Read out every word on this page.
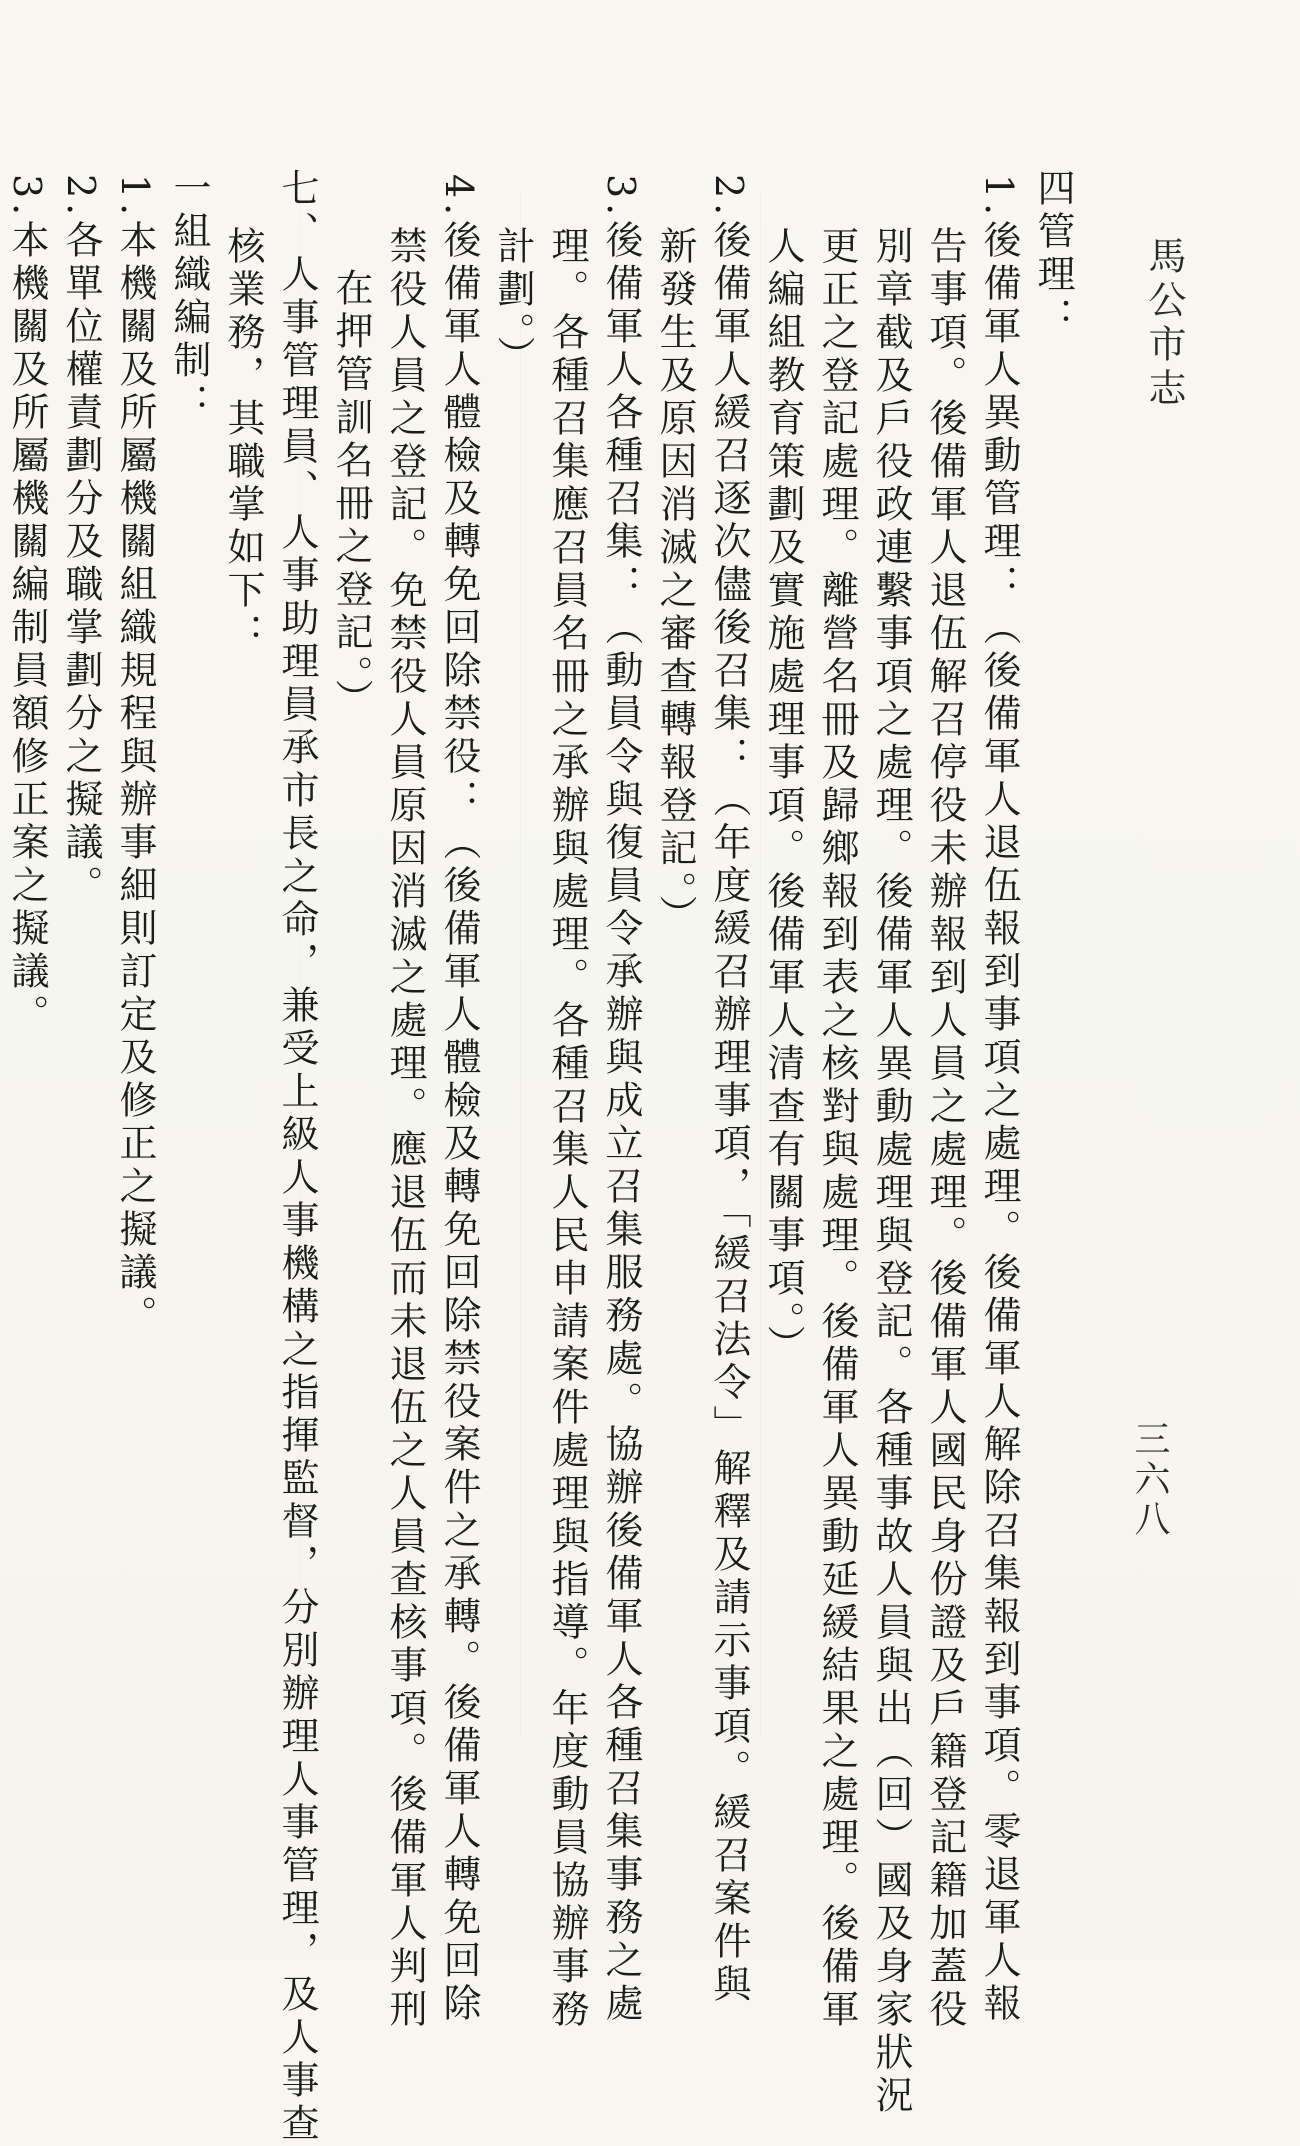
馬公市志
三六八

四管理：

1.後備軍人異動管理：（後備軍人退伍報到事項之處理。後備軍人解除召集報到事項。零退軍人報

告事項。後備軍人退伍解召停役未辦報到人員之處理。後備軍人國民身份證及戶籍登記籍加蓋役

別章截及戶役政連繫事項之處理。後備軍人異動處理與登記。各種事故人員與出（回）國及身家狀況

更正之登記處理。離營名冊及歸鄉報到表之核對與處理。後備軍人異動延緩結果之處理。後備軍

人編組教育策劃及實施處理事項。後備軍人清查有關事項。）

2.後備軍人緩召逐次儘後召集：（年度緩召辦理事項，「緩召法令」解釋及請示事項。緩召案件與

新發生及原因消滅之審查轉報登記。）

3.後備軍人各種召集：（動員令與復員令承辦與成立召集服務處。協辦後備軍人各種召集事務之處

理。各種召集應召員名冊之承辦與處理。各種召集人民申請案件處理與指導。年度動員協辦事務

計劃。）

4.後備軍人體檢及轉免回除禁役：（後備軍人體檢及轉免回除禁役案件之承轉。後備軍人轉免回除

禁役人員之登記。免禁役人員原因消滅之處理。應退伍而未退伍之人員查核事項。後備軍人判刑

在押管訓名冊之登記。）

七、人事管理員、人事助理員承市長之命，兼受上級人事機構之指揮監督，分別辦理人事管理，及人事查

核業務，其職掌如下：

一組織編制：

1.本機關及所屬機關組織規程與辦事細則訂定及修正之擬議。

2.各單位權責劃分及職掌劃分之擬議。

3.本機關及所屬機關編制員額修正案之擬議。
